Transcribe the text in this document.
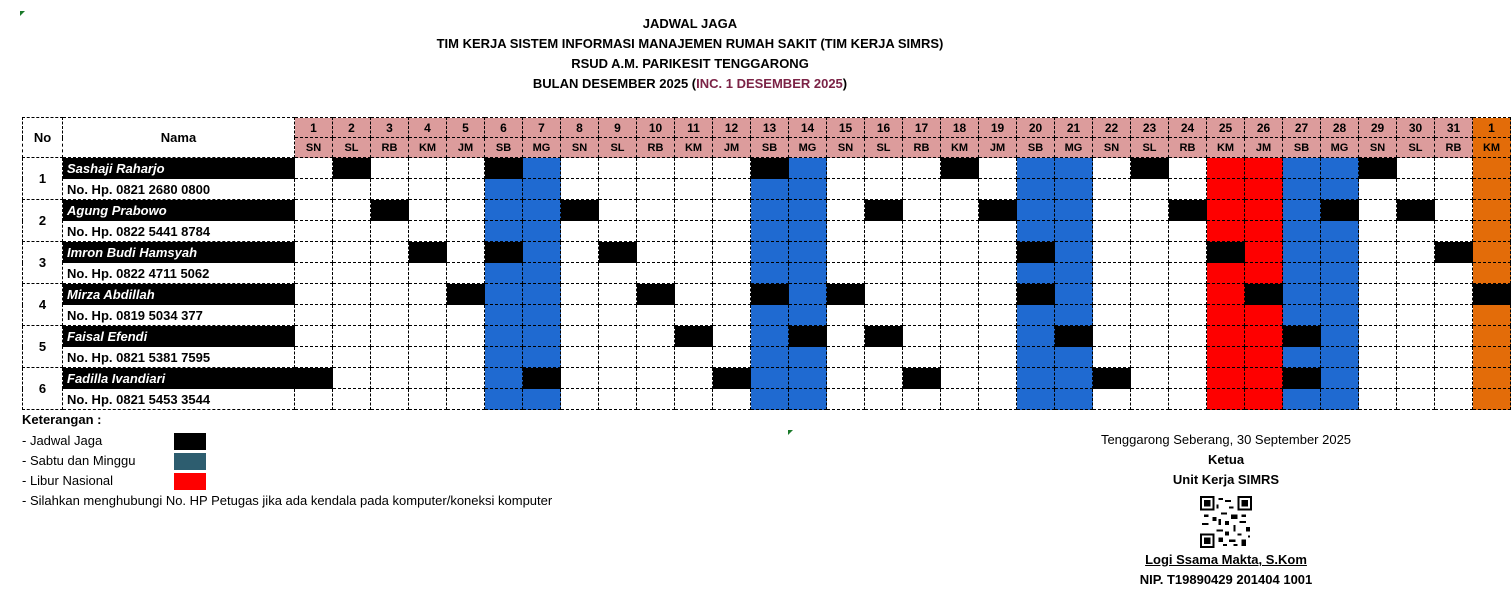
JADWAL JAGA
TIM KERJA SISTEM INFORMASI MANAJEMEN RUMAH SAKIT (TIM KERJA SIMRS)
RSUD A.M. PARIKESIT TENGGARONG
BULAN DESEMBER 2025 (INC. 1 DESEMBER 2025)
No	Nama	1	2	3	4	5	6	7	8	9	10	11	12	13	14	15	16	17	18	19	20	21	22	23	24	25	26	27	28	29	30	31	1
		SN	SL	RB	KM	JM	SB	MG	SN	SL	RB	KM	JM	SB	MG	SN	SL	RB	KM	JM	SB	MG	SN	SL	RB	KM	JM	SB	MG	SN	SL	RB	KM
1	Sashaji Raharjo																																
	No. Hp. 0821 2680 0800																																
2	Agung Prabowo																																
	No. Hp. 0822 5441 8784																																
3	Imron Budi Hamsyah																																
	No. Hp. 0822 4711 5062																																
4	Mirza Abdillah																																
	No. Hp. 0819 5034 377																																
5	Faisal Efendi																																
	No. Hp. 0821 5381 7595																																
6	Fadilla Ivandiari																																
	No. Hp. 0821 5453 3544																																
Keterangan :
- Jadwal Jaga
- Sabtu dan Minggu
- Libur Nasional
- Silahkan menghubungi No. HP Petugas jika ada kendala pada komputer/koneksi komputer
Tenggarong Seberang, 30 September 2025
Ketua
Unit Kerja SIMRS
Logi Ssama Makta, S.Kom
NIP. T19890429 201404 1001
